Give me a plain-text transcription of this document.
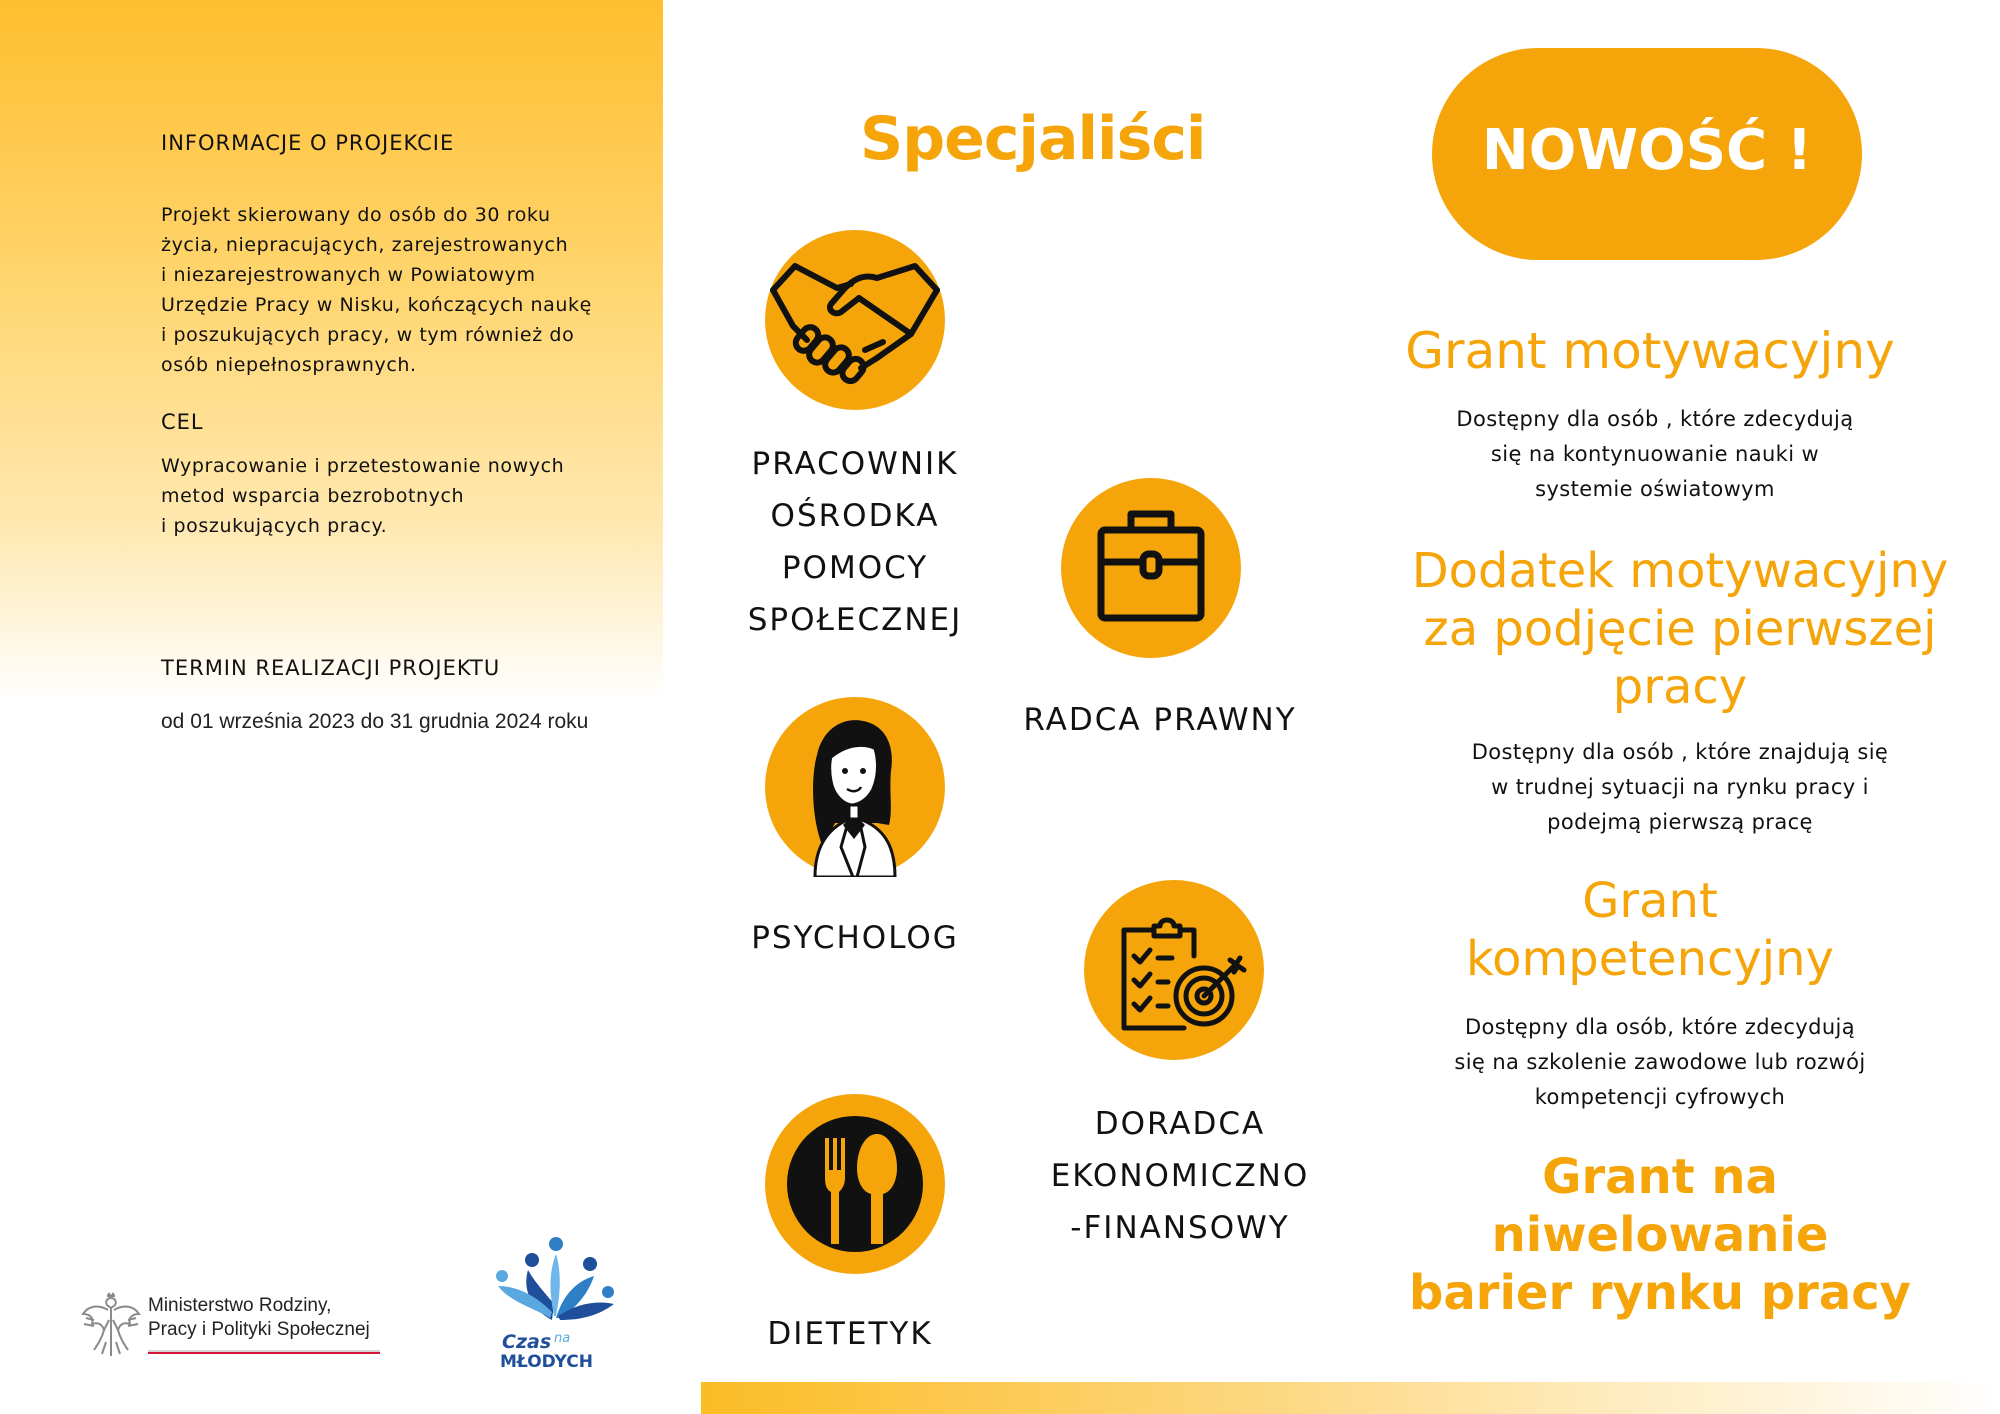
INFORMACJE O PROJEKCIE
Projekt skierowany do osób do 30 roku
życia, niepracujących, zarejestrowanych
i niezarejestrowanych w Powiatowym
Urzędzie Pracy w Nisku, kończących naukę
i poszukujących pracy, w tym również do
osób niepełnosprawnych.
CEL
Wypracowanie i przetestowanie nowych
metod wsparcia bezrobotnych
i poszukujących pracy.
TERMIN REALIZACJI PROJEKTU
od 01 września 2023 do 31 grudnia 2024 roku
Ministerstwo Rodziny,
Pracy i Polityki Społecznej
Czas na
MŁODYCH
Specjaliści
PRACOWNIK
OŚRODKA
POMOCY
SPOŁECZNEJ
RADCA PRAWNY
PSYCHOLOG
DORADCA
EKONOMICZNO
-FINANSOWY
DIETETYK
NOWOŚĆ !
Grant motywacyjny
Dostępny dla osób , które zdecydują
się na kontynuowanie nauki w
systemie oświatowym
Dodatek motywacyjny
za podjęcie pierwszej
pracy
Dostępny dla osób , które znajdują się
w trudnej sytuacji na rynku pracy i
podejmą pierwszą pracę
Grant
kompetencyjny
Dostępny dla osób, które zdecydują
się na szkolenie zawodowe lub rozwój
kompetencji cyfrowych
Grant na
niwelowanie
barier rynku pracy
